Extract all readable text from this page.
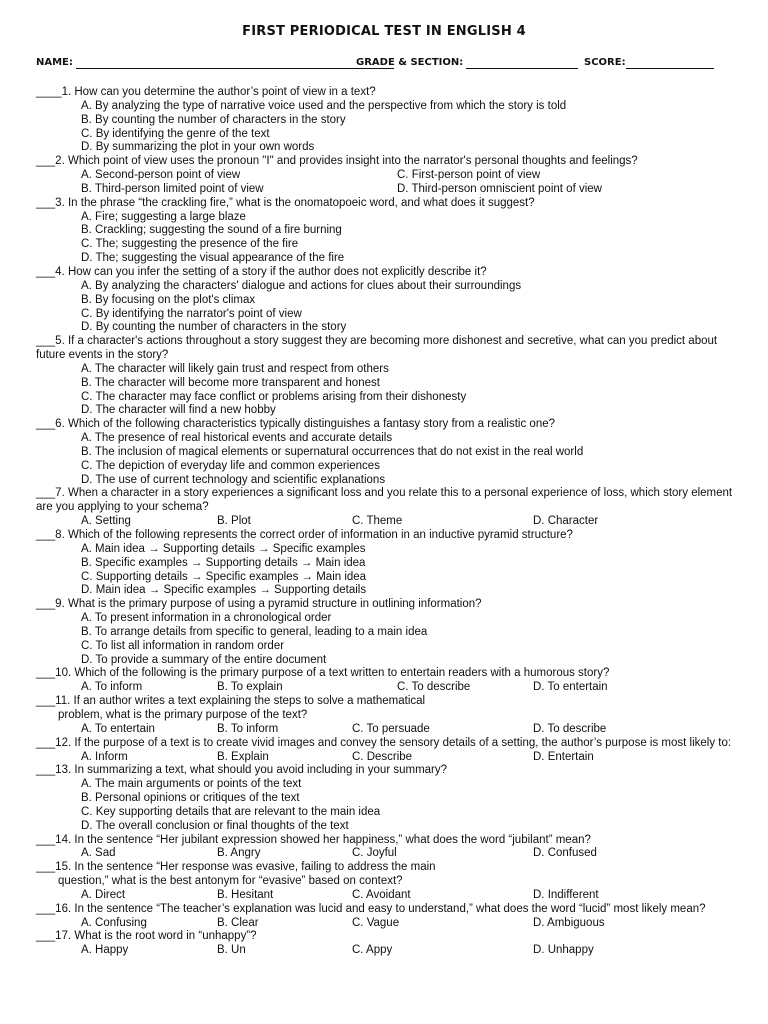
FIRST PERIODICAL TEST IN ENGLISH 4
NAME:	GRADE & SECTION:	SCORE:
____1. How can you determine the author’s point of view in a text?
A. By analyzing the type of narrative voice used and the perspective from which the story is told
B. By counting the number of characters in the story
C. By identifying the genre of the text
D. By summarizing the plot in your own words
___2. Which point of view uses the pronoun "I" and provides insight into the narrator's personal thoughts and feelings?
A. Second-person point of view	C. First-person point of view
B. Third-person limited point of view	D. Third-person omniscient point of view
___3. In the phrase “the crackling fire,” what is the onomatopoeic word, and what does it suggest?
A. Fire; suggesting a large blaze
B. Crackling; suggesting the sound of a fire burning
C. The; suggesting the presence of the fire
D. The; suggesting the visual appearance of the fire
___4. How can you infer the setting of a story if the author does not explicitly describe it?
A. By analyzing the characters' dialogue and actions for clues about their surroundings
B. By focusing on the plot's climax
C. By identifying the narrator's point of view
D. By counting the number of characters in the story
___5. If a character's actions throughout a story suggest they are becoming more dishonest and secretive, what can you predict about future events in the story?
A. The character will likely gain trust and respect from others
B. The character will become more transparent and honest
C. The character may face conflict or problems arising from their dishonesty
D. The character will find a new hobby
___6. Which of the following characteristics typically distinguishes a fantasy story from a realistic one?
A. The presence of real historical events and accurate details
B. The inclusion of magical elements or supernatural occurrences that do not exist in the real world
C. The depiction of everyday life and common experiences
D. The use of current technology and scientific explanations
___7. When a character in a story experiences a significant loss and you relate this to a personal experience of loss, which story element are you applying to your schema?
A. Setting	B. Plot	C. Theme	D. Character
___8. Which of the following represents the correct order of information in an inductive pyramid structure?
A. Main idea → Supporting details → Specific examples
B. Specific examples → Supporting details → Main idea
C. Supporting details → Specific examples → Main idea
D. Main idea → Specific examples → Supporting details
___9. What is the primary purpose of using a pyramid structure in outlining information?
A. To present information in a chronological order
B. To arrange details from specific to general, leading to a main idea
C. To list all information in random order
D. To provide a summary of the entire document
___10. Which of the following is the primary purpose of a text written to entertain readers with a humorous story?
A. To inform	B. To explain	C. To describe	D. To entertain
___11. If an author writes a text explaining the steps to solve a mathematical
problem, what is the primary purpose of the text?
A. To entertain	B. To inform	C. To persuade	D. To describe
___12. If the purpose of a text is to create vivid images and convey the sensory details of a setting, the author’s purpose is most likely to:
A. Inform	B. Explain	C. Describe	D. Entertain
___13. In summarizing a text, what should you avoid including in your summary?
A. The main arguments or points of the text
B. Personal opinions or critiques of the text
C. Key supporting details that are relevant to the main idea
D. The overall conclusion or final thoughts of the text
___14. In the sentence “Her jubilant expression showed her happiness,” what does the word “jubilant” mean?
A. Sad	B. Angry	C. Joyful	D. Confused
___15. In the sentence “Her response was evasive, failing to address the main
question,” what is the best antonym for “evasive” based on context?
A. Direct	B. Hesitant	C. Avoidant	D. Indifferent
___16. In the sentence “The teacher’s explanation was lucid and easy to understand,” what does the word “lucid” most likely mean?
A. Confusing	B. Clear	C. Vague	D. Ambiguous
___17. What is the root word in “unhappy”?
A. Happy	B. Un	C. Appy	D. Unhappy
